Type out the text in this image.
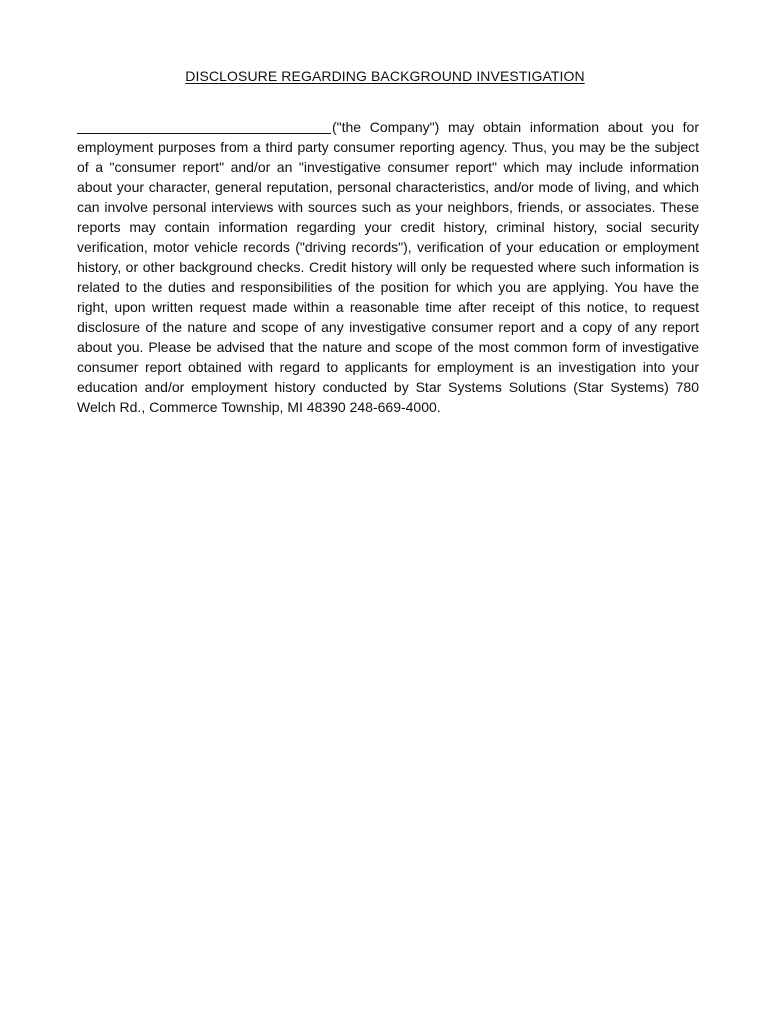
DISCLOSURE REGARDING BACKGROUND INVESTIGATION
("the Company") may obtain information about you for employment purposes from a third party consumer reporting agency. Thus, you may be the subject of a "consumer report" and/or an "investigative consumer report" which may include information about your character, general reputation, personal characteristics, and/or mode of living, and which can involve personal interviews with sources such as your neighbors, friends, or associates. These reports may contain information regarding your credit history, criminal history, social security verification, motor vehicle records ("driving records"), verification of your education or employment history, or other background checks. Credit history will only be requested where such information is related to the duties and responsibilities of the position for which you are applying. You have the right, upon written request made within a reasonable time after receipt of this notice, to request disclosure of the nature and scope of any investigative consumer report and a copy of any report about you. Please be advised that the nature and scope of the most common form of investigative consumer report obtained with regard to applicants for employment is an investigation into your education and/or employment history conducted by Star Systems Solutions (Star Systems) 780 Welch Rd., Commerce Township, MI 48390 248-669-4000.
